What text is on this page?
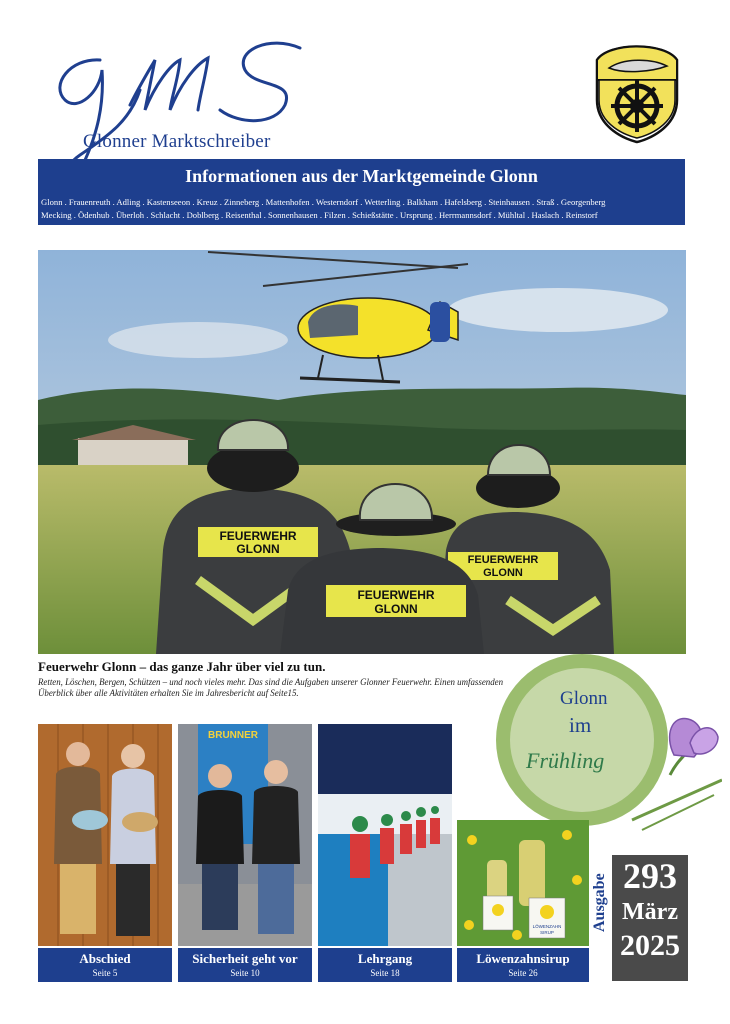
GMS
Glonner Marktschreiber
Informationen aus der Marktgemeinde Glonn
Glonn . Frauenreuth . Adling . Kastenseeon . Kreuz . Zinneberg . Mattenhofen . Westerndorf . Wetterling . Balkham . Hafelsberg . Steinhausen . Straß . Georgenberg
Mecking . Ödenhub . Überloh . Schlacht . Doblberg . Reisenthal . Sonnenhausen . Filzen . Schießstätte . Ursprung . Herrmannsdorf . Mühltal . Haslach . Reinstorf
FEUERWEHR
GLONN
FEUERWEHR
GLONN
FEUERWEHR
GLONN
Feuerwehr Glonn – das ganze Jahr über viel zu tun.
Retten, Löschen, Bergen, Schützen – und noch vieles mehr. Das sind die Aufgaben unserer Glonner Feuerwehr. Einen umfassenden Überblick über alle Aktivitäten erhalten Sie im Jahresbericht auf Seite15.	Glonn
im
Frühling
Abschied
Seite 5
BRUNNER
Sicherheit geht vor
Seite 10
Lehrgang
Seite 18
LÖWENZAHN
SIRUP
Löwenzahnsirup
Seite 26
Ausgabe 293
März
2025
